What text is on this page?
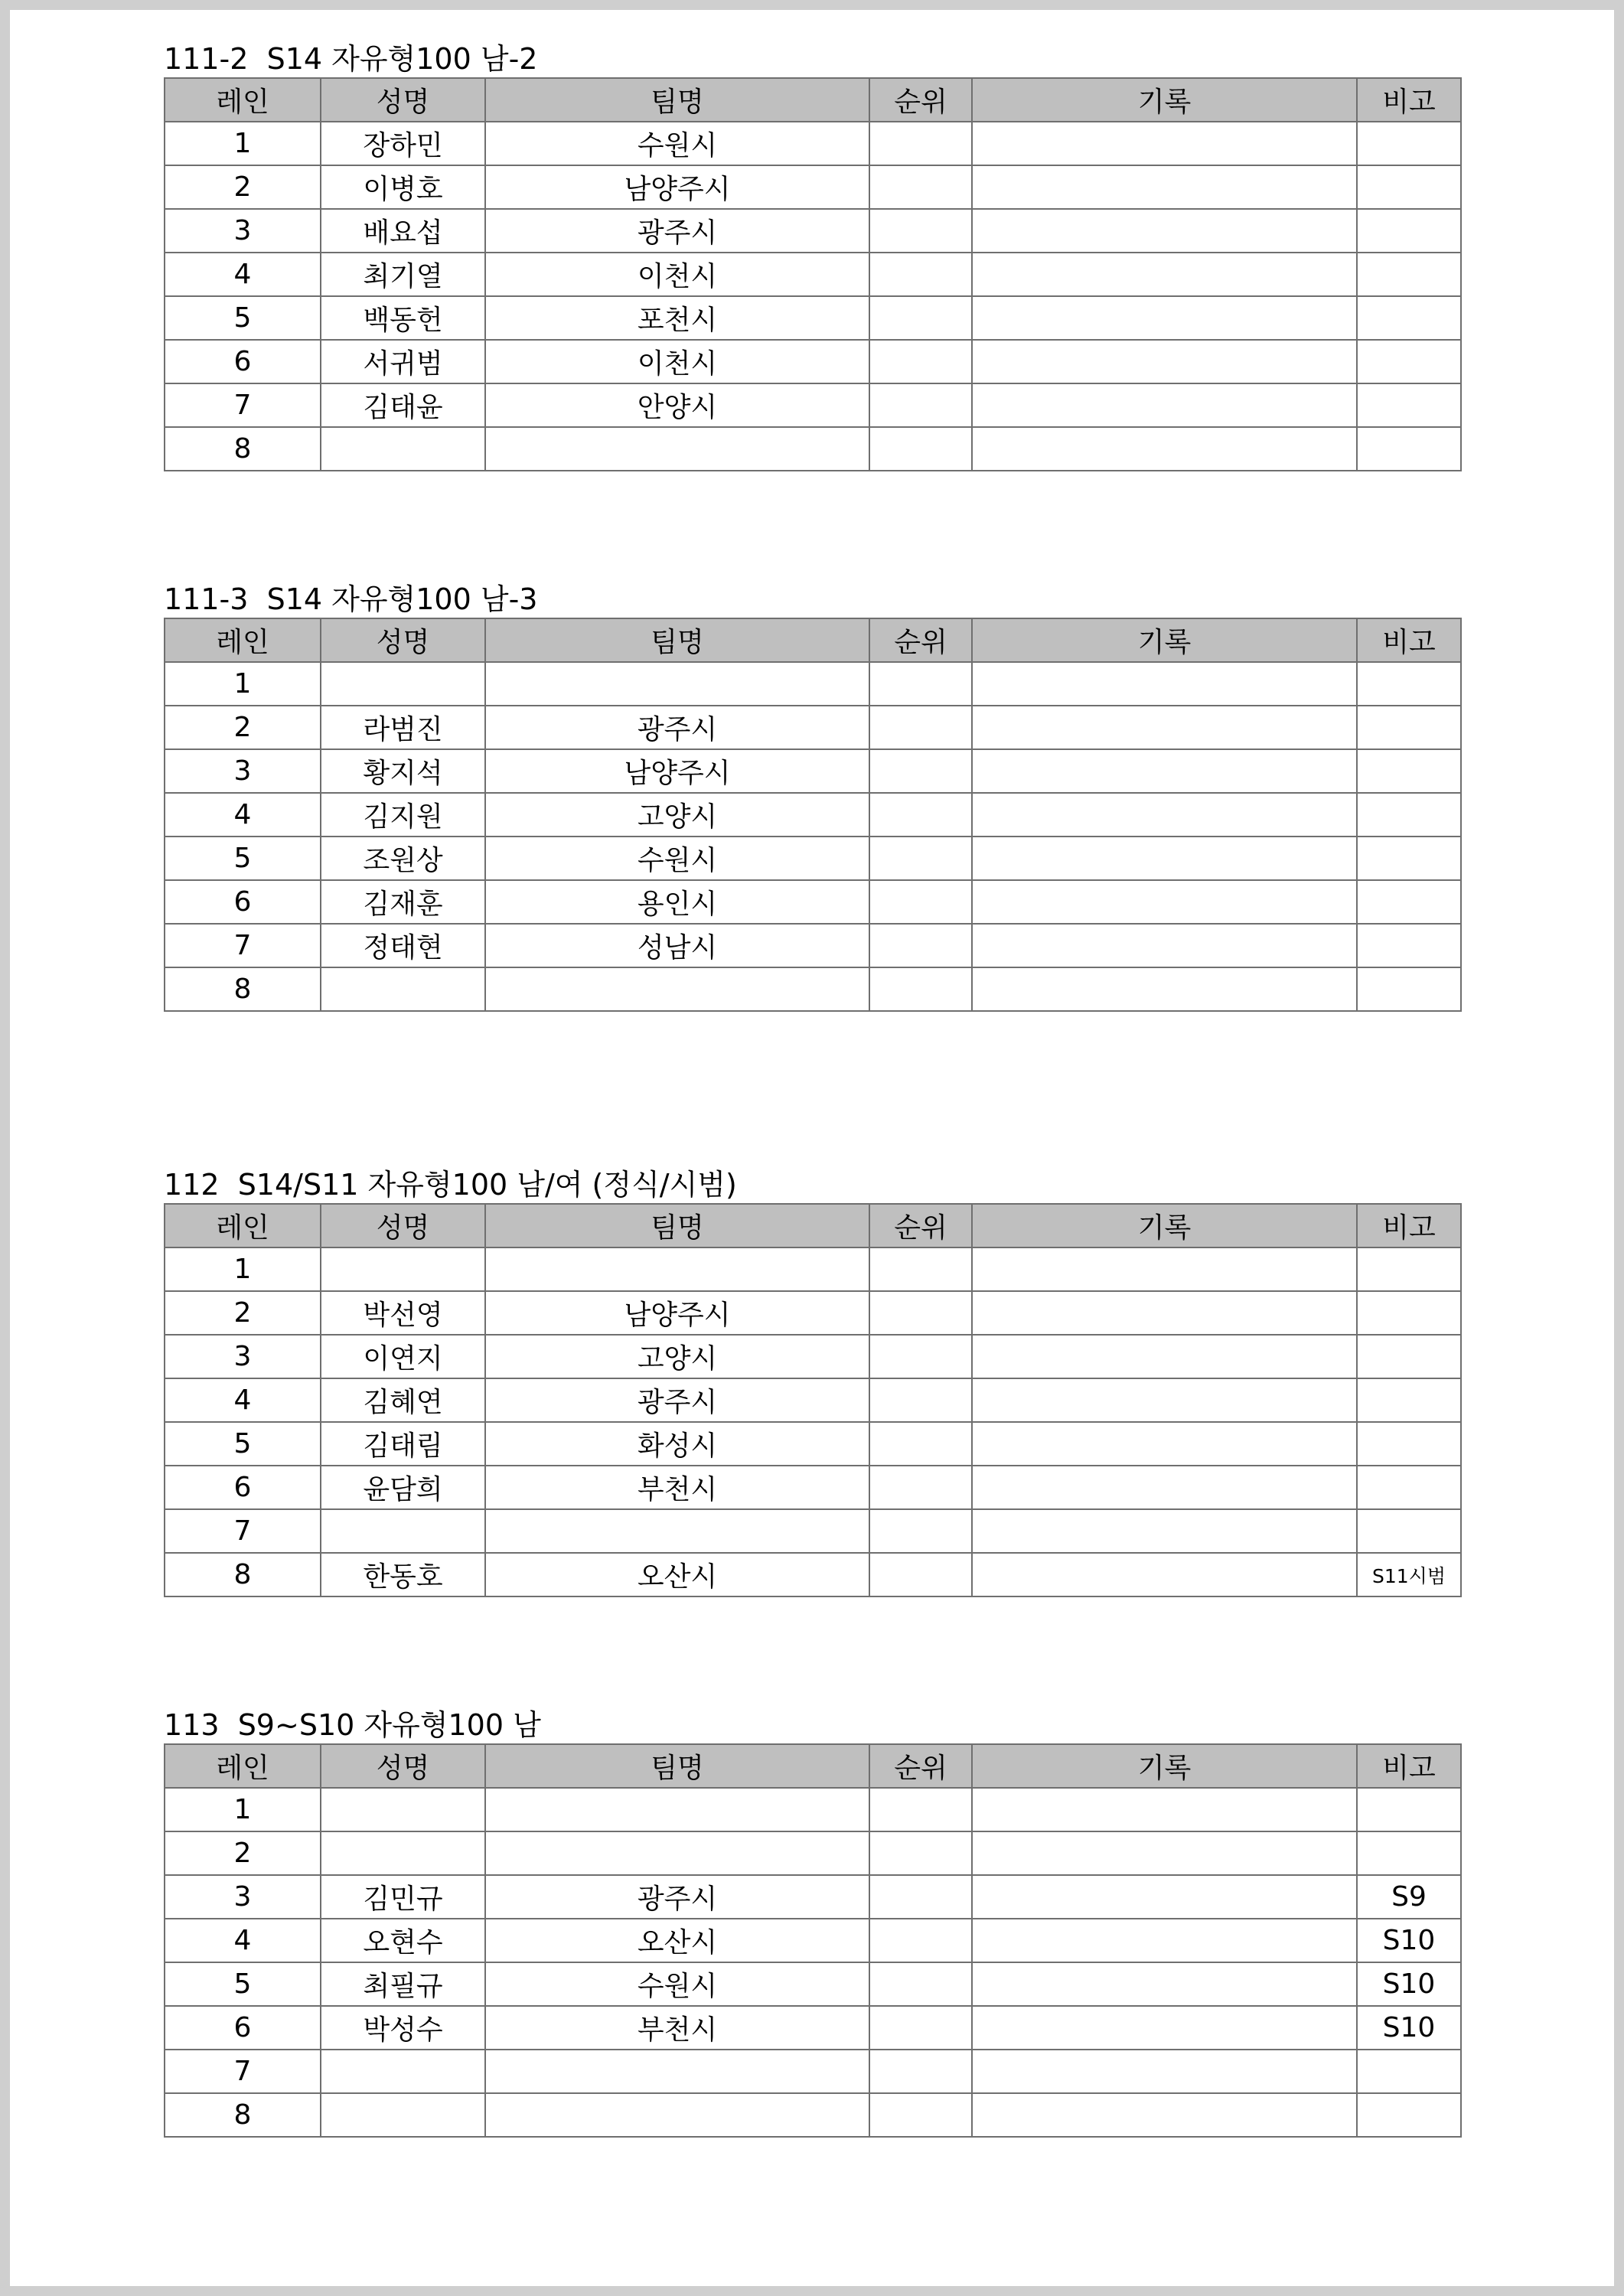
111-2  S14 자유형100 남-2
레인	성명	팀명	순위	기록	비고
1	장하민	수원시			
2	이병호	남양주시			
3	배요섭	광주시			
4	최기열	이천시			
5	백동헌	포천시			
6	서귀범	이천시			
7	김태윤	안양시			
8					
111-3  S14 자유형100 남-3
레인	성명	팀명	순위	기록	비고
1					
2	라범진	광주시			
3	황지석	남양주시			
4	김지원	고양시			
5	조원상	수원시			
6	김재훈	용인시			
7	정태현	성남시			
8					
112  S14/S11 자유형100 남/여 (정식/시범)
레인	성명	팀명	순위	기록	비고
1					
2	박선영	남양주시			
3	이연지	고양시			
4	김혜연	광주시			
5	김태림	화성시			
6	윤담희	부천시			
7					
8	한동호	오산시			S11시범
113  S9~S10 자유형100 남
레인	성명	팀명	순위	기록	비고
1					
2					
3	김민규	광주시			S9
4	오현수	오산시			S10
5	최필규	수원시			S10
6	박성수	부천시			S10
7					
8					
